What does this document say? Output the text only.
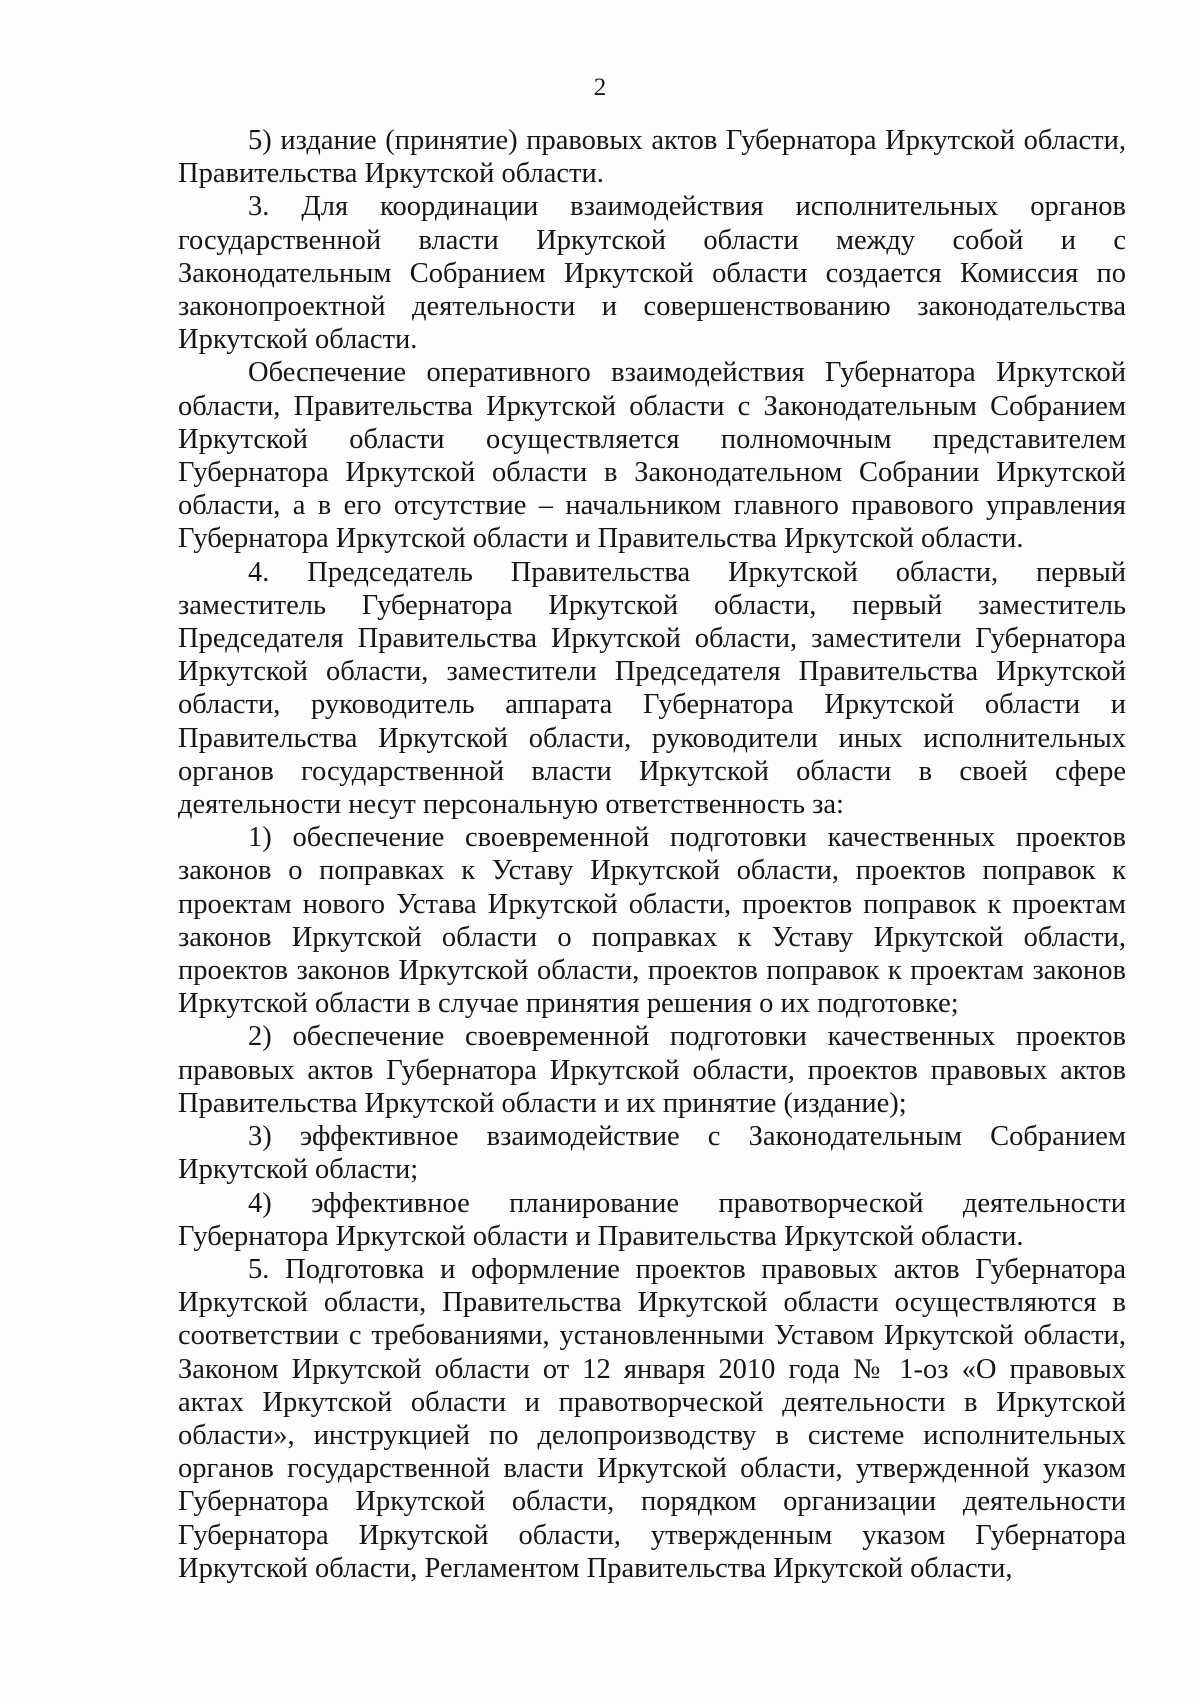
2

5) издание (принятие) правовых актов Губернатора Иркутской области, Правительства Иркутской области.

3. Для координации взаимодействия исполнительных органов государственной власти Иркутской области между собой и с Законодательным Собранием Иркутской области создается Комиссия по законопроектной деятельности и совершенствованию законодательства Иркутской области.

Обеспечение оперативного взаимодействия Губернатора Иркутской области, Правительства Иркутской области с Законодательным Собранием Иркутской области осуществляется полномочным представителем Губернатора Иркутской области в Законодательном Собрании Иркутской области, а в его отсутствие – начальником главного правового управления Губернатора Иркутской области и Правительства Иркутской области.

4. Председатель Правительства Иркутской области, первый заместитель Губернатора Иркутской области, первый заместитель Председателя Правительства Иркутской области, заместители Губернатора Иркутской области, заместители Председателя Правительства Иркутской области, руководитель аппарата Губернатора Иркутской области и Правительства Иркутской области, руководители иных исполнительных органов государственной власти Иркутской области в своей сфере деятельности несут персональную ответственность за:

1) обеспечение своевременной подготовки качественных проектов законов о поправках к Уставу Иркутской области, проектов поправок к проектам нового Устава Иркутской области, проектов поправок к проектам законов Иркутской области о поправках к Уставу Иркутской области, проектов законов Иркутской области, проектов поправок к проектам законов Иркутской области в случае принятия решения о их подготовке;

2) обеспечение своевременной подготовки качественных проектов правовых актов Губернатора Иркутской области, проектов правовых актов Правительства Иркутской области и их принятие (издание);

3) эффективное взаимодействие с Законодательным Собранием Иркутской области;

4) эффективное планирование правотворческой деятельности Губернатора Иркутской области и Правительства Иркутской области.

5. Подготовка и оформление проектов правовых актов Губернатора Иркутской области, Правительства Иркутской области осуществляются в соответствии с требованиями, установленными Уставом Иркутской области, Законом Иркутской области от 12 января 2010 года № 1-оз «О правовых актах Иркутской области и правотворческой деятельности в Иркутской области», инструкцией по делопроизводству в системе исполнительных органов государственной власти Иркутской области, утвержденной указом Губернатора Иркутской области, порядком организации деятельности Губернатора Иркутской области, утвержденным указом Губернатора Иркутской области, Регламентом Правительства Иркутской области,
